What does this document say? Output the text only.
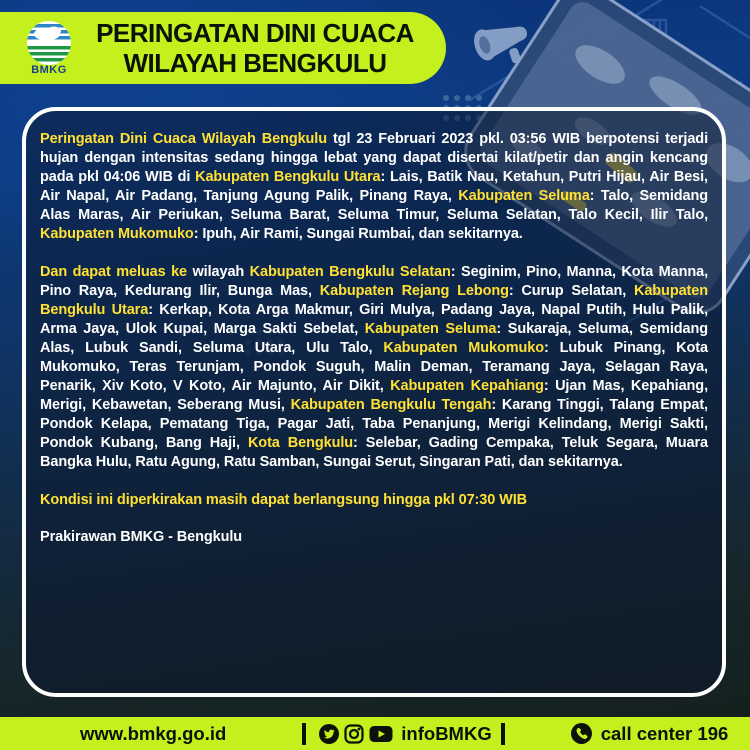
BMKG
PERINGATAN DINI CUACA
WILAYAH BENGKULU

Peringatan Dini Cuaca Wilayah Bengkulu tgl 23 Februari 2023 pkl. 03:56 WIB berpotensi terjadi hujan dengan intensitas sedang hingga lebat yang dapat disertai kilat/petir dan angin kencang pada pkl 04:06 WIB di Kabupaten Bengkulu Utara: Lais, Batik Nau, Ketahun, Putri Hijau, Air Besi, Air Napal, Air Padang, Tanjung Agung Palik, Pinang Raya, Kabupaten Seluma: Talo, Semidang Alas Maras, Air Periukan, Seluma Barat, Seluma Timur, Seluma Selatan, Talo Kecil, Ilir Talo, Kabupaten Mukomuko: Ipuh, Air Rami, Sungai Rumbai, dan sekitarnya.

Dan dapat meluas ke wilayah Kabupaten Bengkulu Selatan: Seginim, Pino, Manna, Kota Manna, Pino Raya, Kedurang Ilir, Bunga Mas, Kabupaten Rejang Lebong: Curup Selatan, Kabupaten Bengkulu Utara: Kerkap, Kota Arga Makmur, Giri Mulya, Padang Jaya, Napal Putih, Hulu Palik, Arma Jaya, Ulok Kupai, Marga Sakti Sebelat, Kabupaten Seluma: Sukaraja, Seluma, Semidang Alas, Lubuk Sandi, Seluma Utara, Ulu Talo, Kabupaten Mukomuko: Lubuk Pinang, Kota Mukomuko, Teras Terunjam, Pondok Suguh, Malin Deman, Teramang Jaya, Selagan Raya, Penarik, Xiv Koto, V Koto, Air Majunto, Air Dikit, Kabupaten Kepahiang: Ujan Mas, Kepahiang, Merigi, Kebawetan, Seberang Musi, Kabupaten Bengkulu Tengah: Karang Tinggi, Talang Empat, Pondok Kelapa, Pematang Tiga, Pagar Jati, Taba Penanjung, Merigi Kelindang, Merigi Sakti, Pondok Kubang, Bang Haji, Kota Bengkulu: Selebar, Gading Cempaka, Teluk Segara, Muara Bangka Hulu, Ratu Agung, Ratu Samban, Sungai Serut, Singaran Pati, dan sekitarnya.

Kondisi ini diperkirakan masih dapat berlangsung hingga pkl 07:30 WIB

Prakirawan BMKG - Bengkulu

www.bmkg.go.id	infoBMKG	call center 196
